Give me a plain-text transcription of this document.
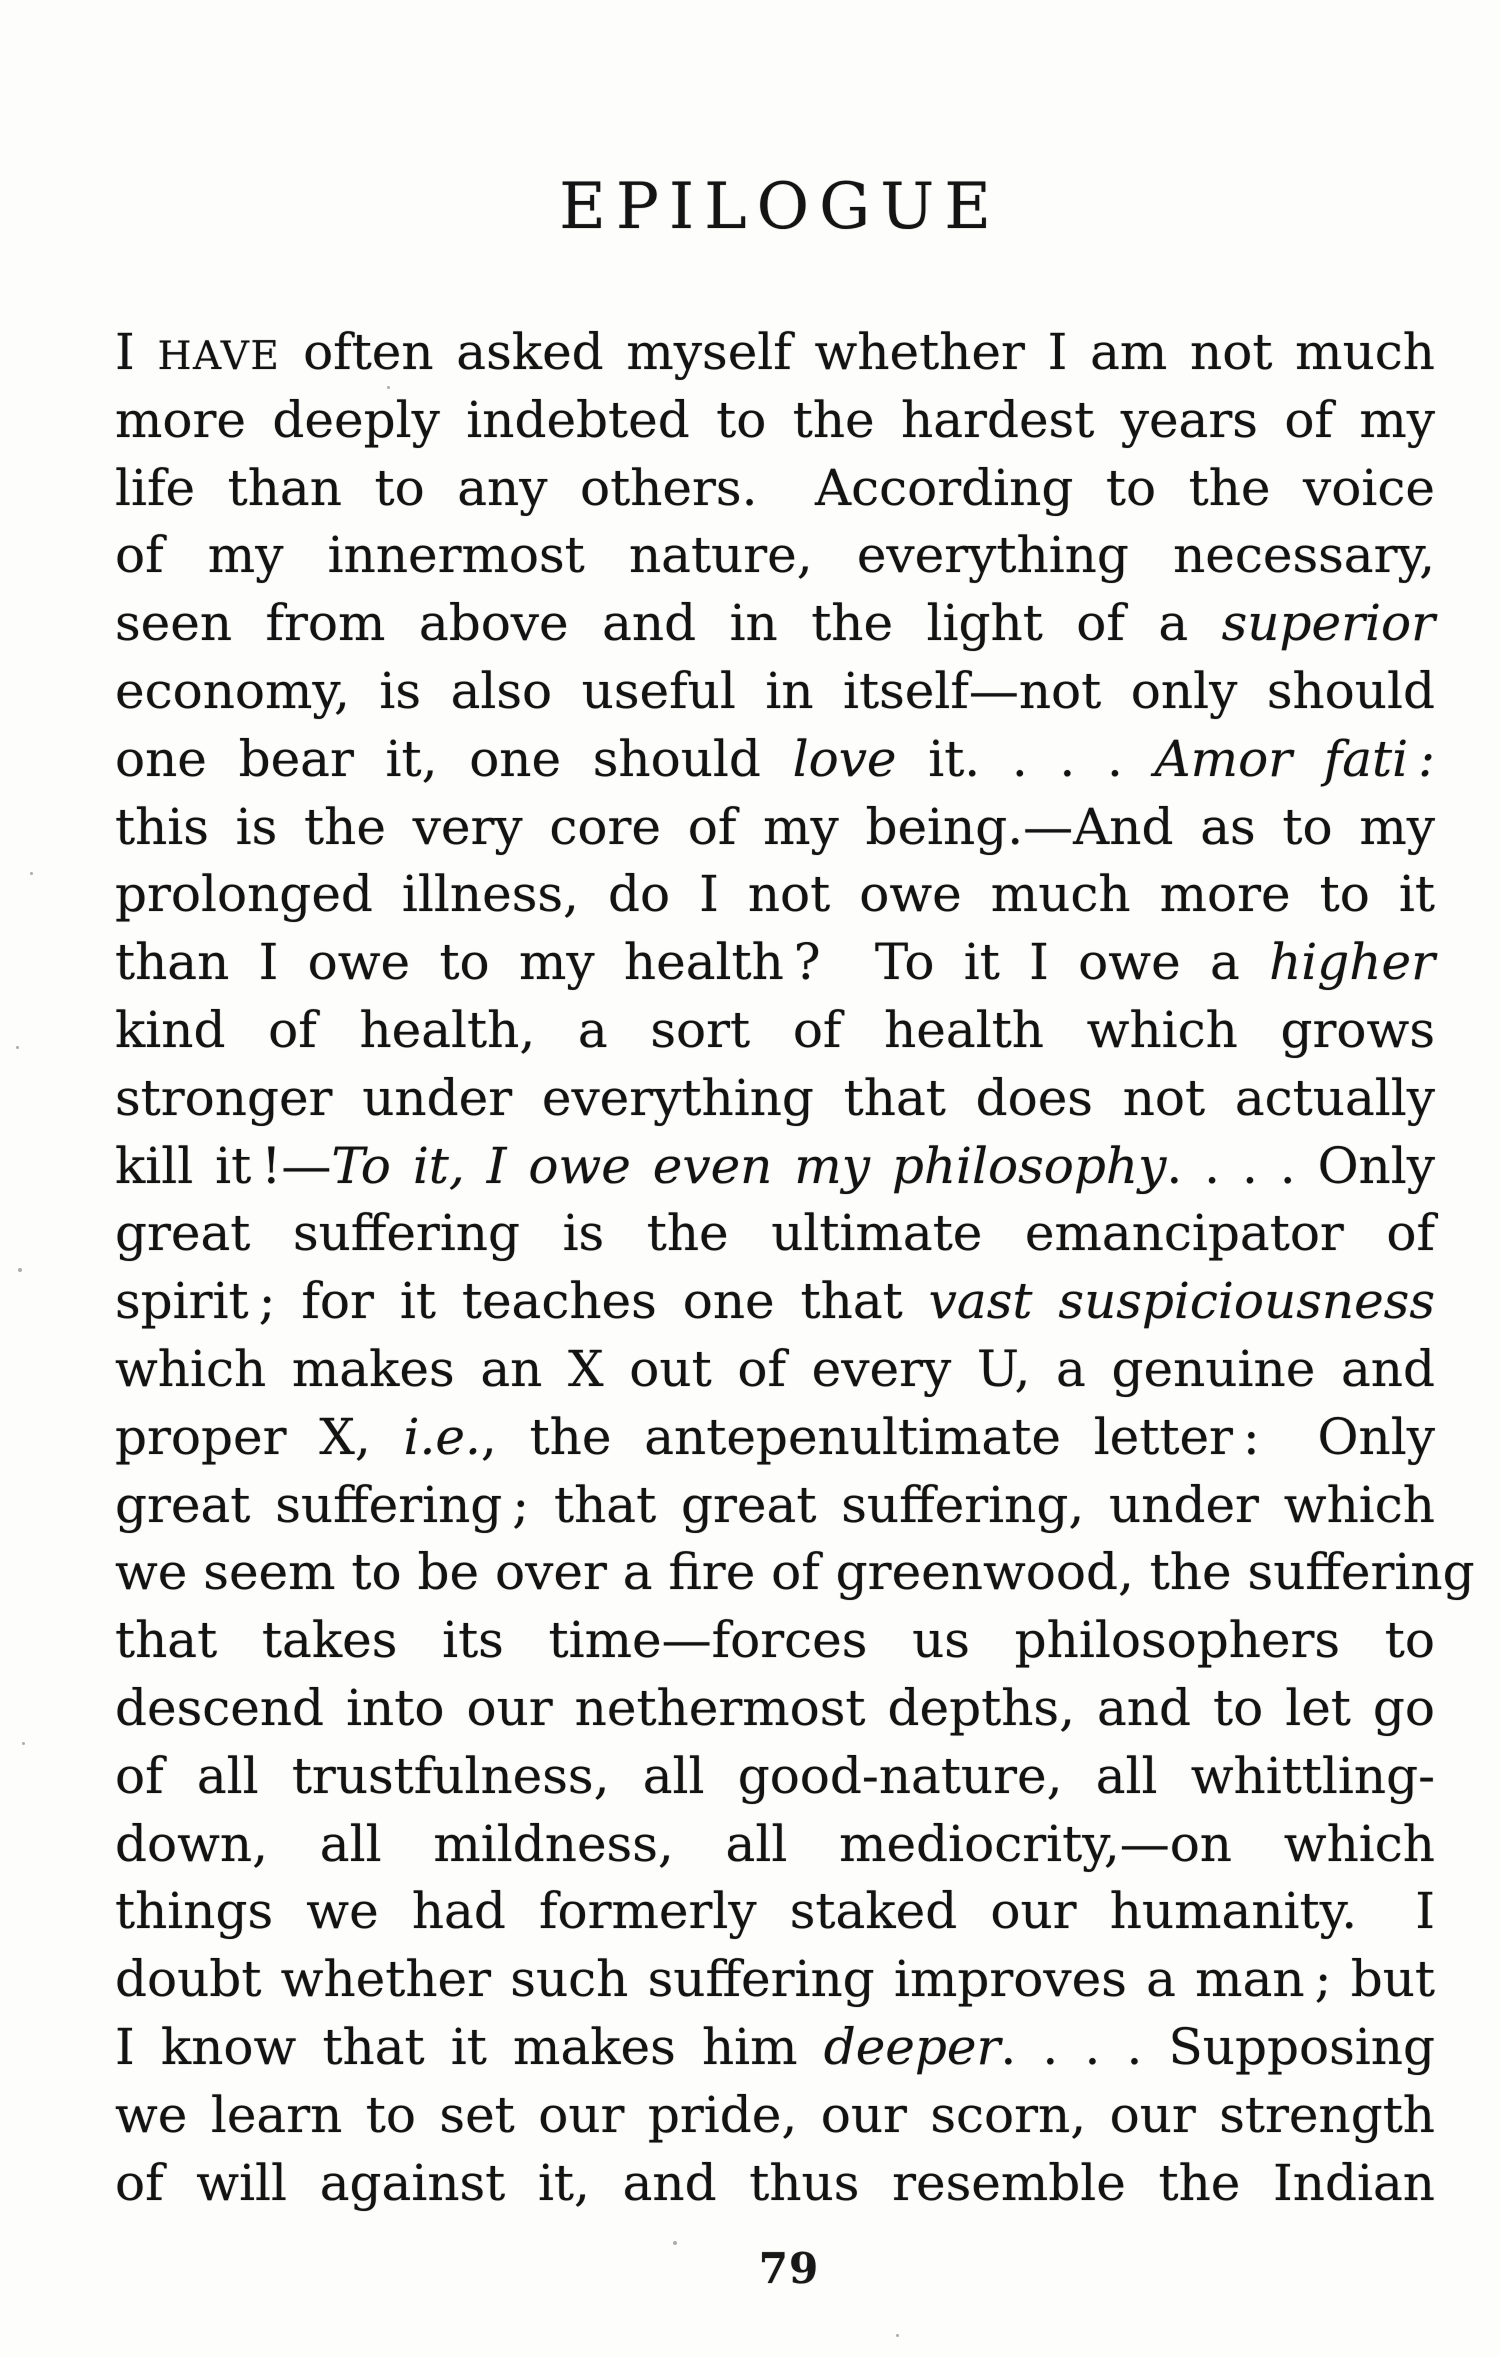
EPILOGUE
I HAVE often asked myself whether I am not much
more deeply indebted to the hardest years of my
life than to any others.  According to the voice
of my innermost nature, everything necessary,
seen from above and in the light of a superior
economy, is also useful in itself—not only should
one bear it, one should love it. . . . Amor fati :
this is the very core of my being.—And as to my
prolonged illness, do I not owe much more to it
than I owe to my health ?  To it I owe a higher
kind of health, a sort of health which grows
stronger under everything that does not actually
kill it !—To it, I owe even my philosophy. . . . Only
great suffering is the ultimate emancipator of
spirit ; for it teaches one that vast suspiciousness
which makes an X out of every U, a genuine and
proper X, i.e., the antepenultimate letter :  Only
great suffering ; that great suffering, under which
we seem to be over a fire of greenwood, the suffering
that takes its time—forces us philosophers to
descend into our nethermost depths, and to let go
of all trustfulness, all good-nature, all whittling-
down, all mildness, all mediocrity,—on which
things we had formerly staked our humanity.  I
doubt whether such suffering improves a man ; but
I know that it makes him deeper. . . . Supposing
we learn to set our pride, our scorn, our strength
of will against it, and thus resemble the Indian
79
